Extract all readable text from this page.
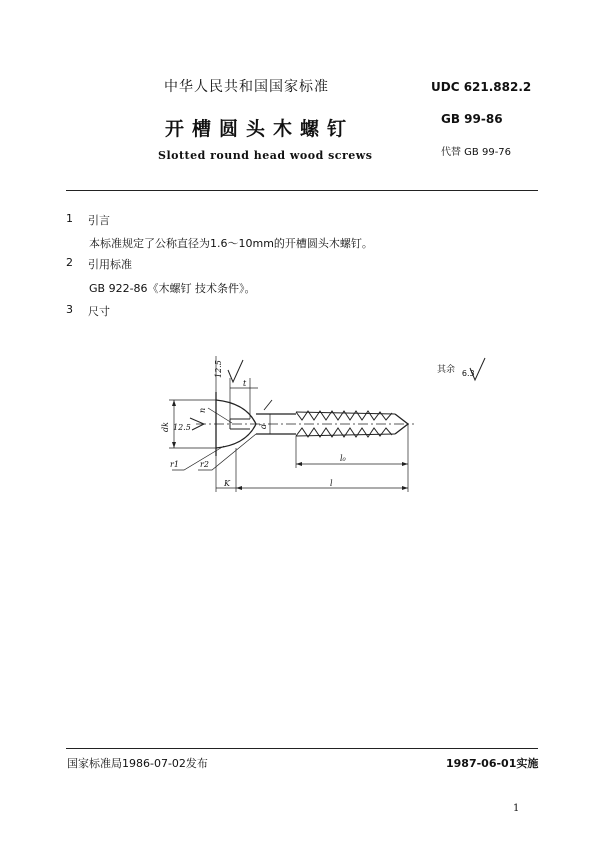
中华人民共和国国家标准
开槽圆头木螺钉
Slotted round head wood screws
UDC 621.882.2
GB 99-86
代替 GB 99-76
1 引言
本标准规定了公称直径为1.6～10mm的开槽圆头木螺钉。
2 引用标准
GB 922-86《木螺钉 技术条件》。
3 尺寸
其余 6.3
12.5
t
n
12.5
dk	d
r1	r2
K	l
l₀
国家标准局1986-07-02发布	1987-06-01实施
1
